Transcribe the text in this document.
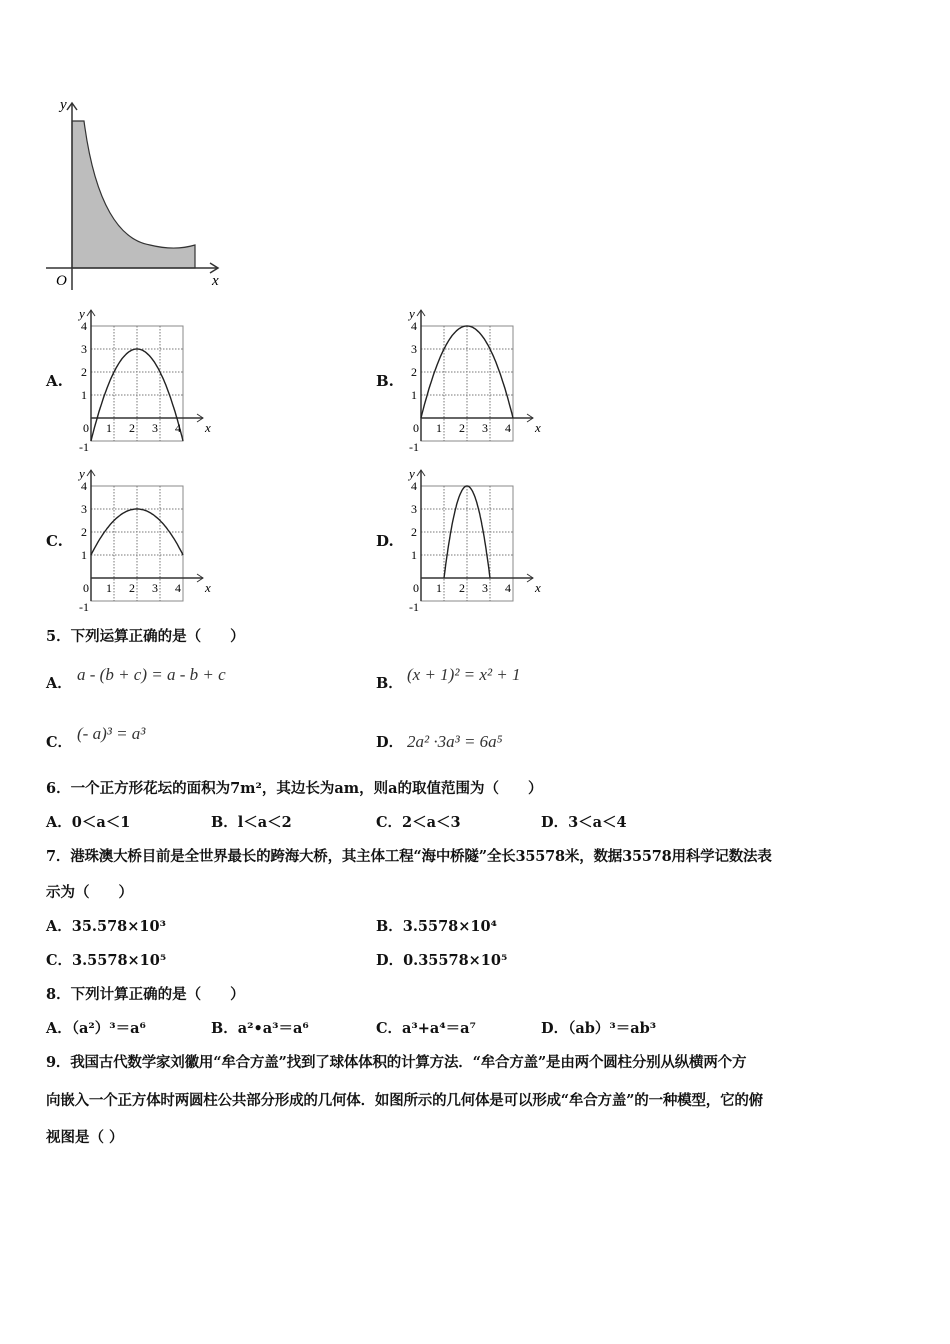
y
x
O
A.
0 1 2 3 4
4
3
2
1
-1
x
y
B.
0 1 2 3 4
4
3
2
1
-1
x
y
C.
0 1 2 3 4
4
3
2
1
-1
x
y
D.
0 1 2 3 4
4
3
2
1
-1
x
y
5．下列运算正确的是（　　）
A． a - (b + c) = a - b + c	B． (x + 1)² = x² + 1
C． (- a)³ = a³	D． 2a² ·3a³ = 6a⁵
6．一个正方形花坛的面积为7m²，其边长为am，则a的取值范围为（　　）
A．0＜a＜1	B．l＜a＜2	C．2＜a＜3	D．3＜a＜4
7．港珠澳大桥目前是全世界最长的跨海大桥，其主体工程“海中桥隧”全长35578米，数据35578用科学记数法表
示为（　　）
A．35.578×10³	B．3.5578×10⁴
C．3.5578×10⁵	D．0.35578×10⁵
8．下列计算正确的是（　　）
A．（a²）³＝a⁶	B．a²•a³＝a⁶	C．a³+a⁴＝a⁷	D．（ab）³＝ab³
9．我国古代数学家刘徽用“牟合方盖”找到了球体体积的计算方法．“牟合方盖”是由两个圆柱分别从纵横两个方
向嵌入一个正方体时两圆柱公共部分形成的几何体．如图所示的几何体是可以形成“牟合方盖”的一种模型，它的俯
视图是（ ）
